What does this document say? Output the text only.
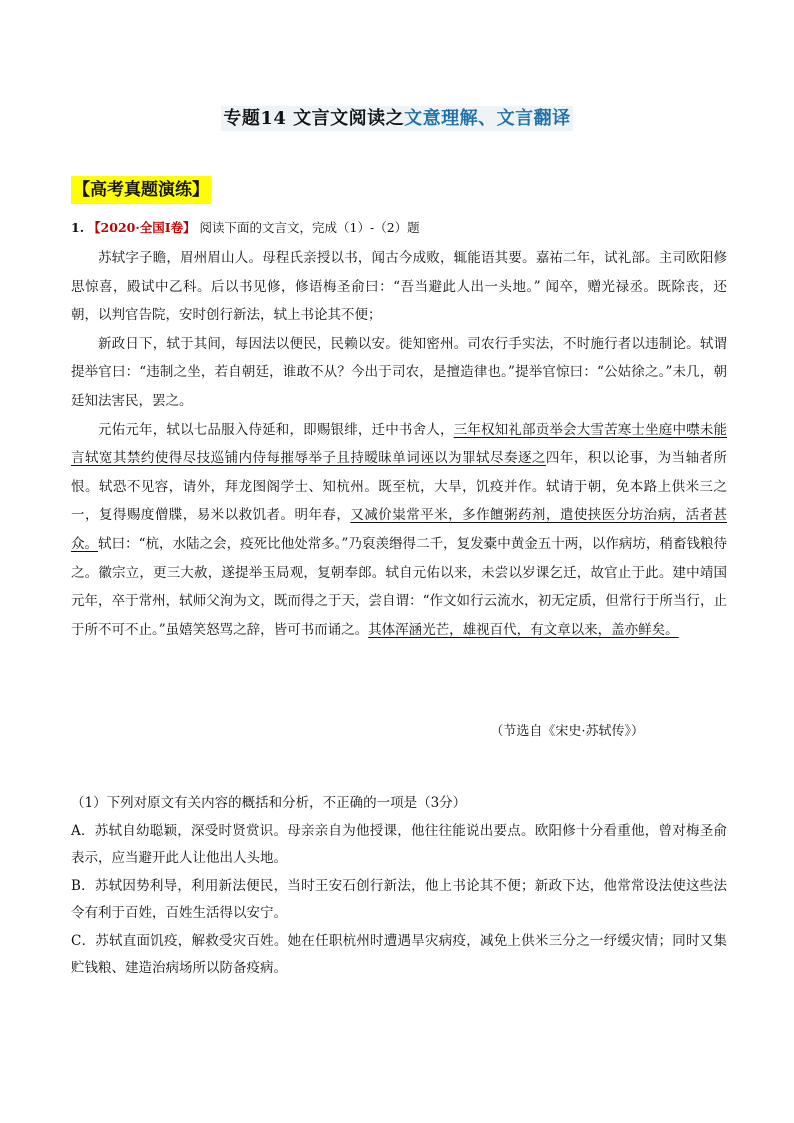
专题14 文言文阅读之文意理解、文言翻译
【高考真题演练】
1. 【2020·全国Ⅰ卷】 阅读下面的文言文，完成（1）-（2）题

苏轼字子瞻，眉州眉山人。母程氏亲授以书，闻古今成败，辄能语其要。嘉祐二年，试礼部。主司欧阳修思惊喜，殿试中乙科。后以书见修，修语梅圣俞曰：“吾当避此人出一头地。” 闻卒，赠光禄丞。既除丧，还朝，以判官告院，安时创行新法，轼上书论其不便；

新政日下，轼于其间，每因法以便民，民赖以安。徙知密州。司农行手实法，不时施行者以违制论。轼谓提举官曰：“违制之坐，若自朝廷，谁敢不从？今出于司农，是擅造律也。”提举官惊曰：“公姑徐之。”未几，朝廷知法害民，罢之。

元佑元年，轼以七品服入侍延和，即赐银绯，迁中书舍人，三年权知礼部贡举会大雪苦寒士坐庭中噤未能言轼宽其禁约使得尽技巡铺内侍每摧辱举子且持暧昧单词诬以为罪轼尽奏逐之四年，积以论事，为当轴者所恨。轼恐不见容，请外，拜龙图阁学士、知杭州。既至杭，大旱，饥疫并作。轼请于朝，免本路上供米三之一，复得赐度僧牒，易米以救饥者。明年春，又减价粜常平米，多作饘粥药剂，遣使挟医分坊治病，活者甚众。轼曰：“杭，水陆之会，疫死比他处常多。”乃裒羡缗得二千，复发橐中黄金五十两，以作病坊，稍畜钱粮待之。徽宗立，更三大赦，遂提举玉局观，复朝奉郎。轼自元佑以来，未尝以岁课乞迁，故官止于此。建中靖国元年，卒于常州，轼师父洵为文，既而得之于天，尝自谓：“作文如行云流水，初无定质，但常行于所当行，止于所不可不止。”虽嬉笑怒骂之辞，皆可书而诵之。其体浑涵光芒，雄视百代，有文章以来，盖亦鲜矣。

（节选自《宋史·苏轼传》）

（1）下列对原文有关内容的概括和分析，不正确的一项是（3分）

A．苏轼自幼聪颖，深受时贤赏识。母亲亲自为他授课，他往往能说出要点。欧阳修十分看重他，曾对梅圣俞表示，应当避开此人让他出人头地。

B．苏轼因势利导，利用新法便民，当时王安石创行新法，他上书论其不便；新政下达，他常常设法使这些法令有利于百姓，百姓生活得以安宁。

C．苏轼直面饥疫，解救受灾百姓。她在任职杭州时遭遇旱灾病疫，减免上供米三分之一纾缓灾情；同时又集贮钱粮、建造治病场所以防备疫病。
